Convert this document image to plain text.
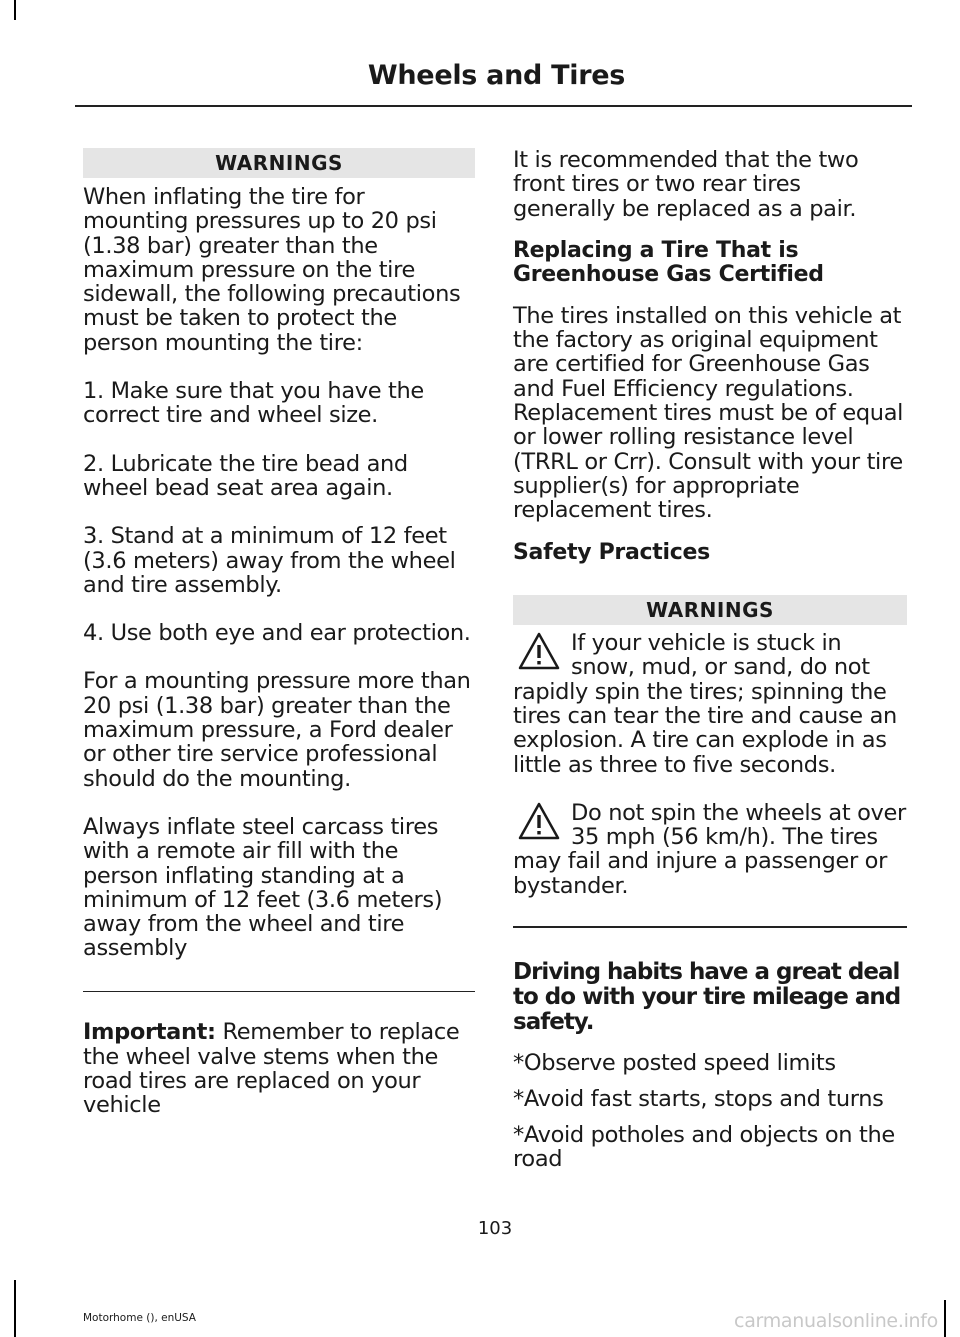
Wheels and Tires
WARNINGS

When inflating the tire for mounting pressures up to 20 psi (1.38 bar) greater than the maximum pressure on the tire sidewall, the following precautions must be taken to protect the person mounting the tire:

1. Make sure that you have the correct tire and wheel size.

2. Lubricate the tire bead and wheel bead seat area again.

3. Stand at a minimum of 12 feet (3.6 meters) away from the wheel and tire assembly.

4. Use both eye and ear protection.

For a mounting pressure more than 20 psi (1.38 bar) greater than the maximum pressure, a Ford dealer or other tire service professional should do the mounting.

Always inflate steel carcass tires with a remote air fill with the person inflating standing at a minimum of 12 feet (3.6 meters) away from the wheel and tire assembly

Important: Remember to replace the wheel valve stems when the road tires are replaced on your vehicle

It is recommended that the two front tires or two rear tires generally be replaced as a pair.

Replacing a Tire That is Greenhouse Gas Certified

The tires installed on this vehicle at the factory as original equipment are certified for Greenhouse Gas and Fuel Efficiency regulations. Replacement tires must be of equal or lower rolling resistance level (TRRL or Crr). Consult with your tire supplier(s) for appropriate replacement tires.

Safety Practices
WARNINGS
If your vehicle is stuck in snow, mud, or sand, do not rapidly spin the tires; spinning the tires can tear the tire and cause an explosion. A tire can explode in as little as three to five seconds.
Do not spin the wheels at over 35 mph (56 km/h). The tires may fail and injure a passenger or bystander.
Driving habits have a great deal to do with your tire mileage and safety.

*Observe posted speed limits

*Avoid fast starts, stops and turns

*Avoid potholes and objects on the road

103
Motorhome (), enUSA	carmanualsonline.info
